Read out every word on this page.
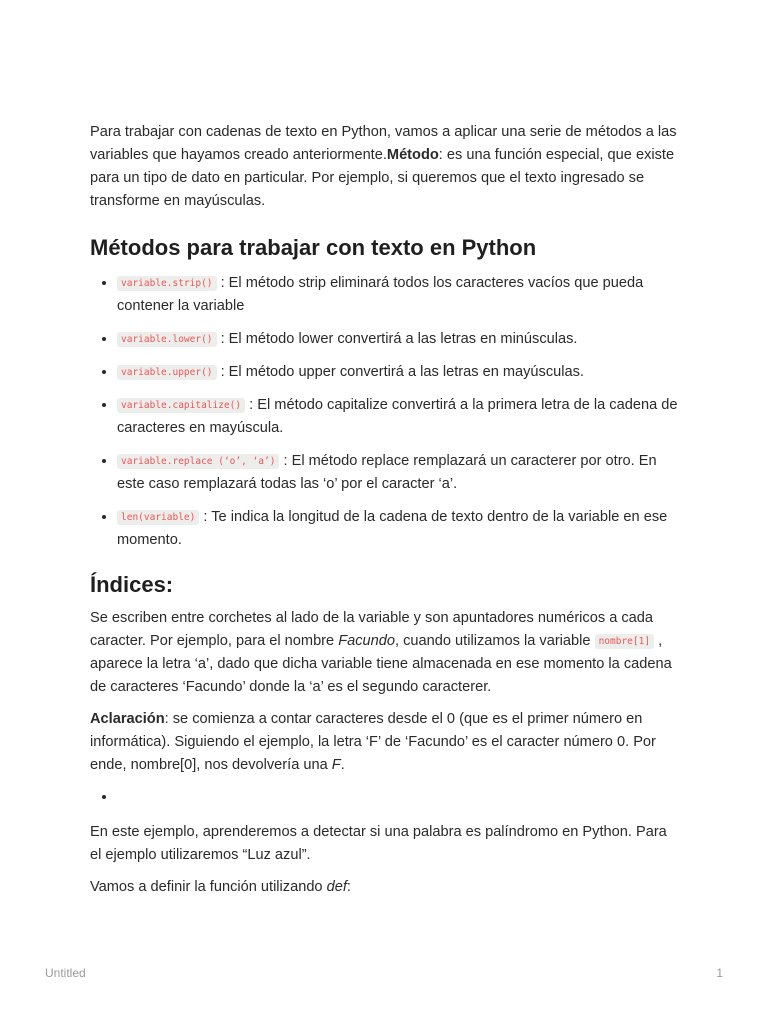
Para trabajar con cadenas de texto en Python, vamos a aplicar una serie de métodos a las variables que hayamos creado anteriormente.Método: es una función especial, que existe para un tipo de dato en particular. Por ejemplo, si queremos que el texto ingresado se transforme en mayúsculas.

Métodos para trabajar con texto en Python
• variable.strip() : El método strip eliminará todos los caracteres vacíos que pueda contener la variable
• variable.lower() : El método lower convertirá a las letras en minúsculas.
• variable.upper() : El método upper convertirá a las letras en mayúsculas.
• variable.capitalize() : El método capitalize convertirá a la primera letra de la cadena de caracteres en mayúscula.
• variable.replace (‘o’, ‘a’) : El método replace remplazará un caracterer por otro. En este caso remplazará todas las ‘o’ por el caracter ‘a’.
• len(variable) : Te indica la longitud de la cadena de texto dentro de la variable en ese momento.
Índices:

Se escriben entre corchetes al lado de la variable y son apuntadores numéricos a cada caracter. Por ejemplo, para el nombre Facundo, cuando utilizamos la variable nombre[1] , aparece la letra ‘a’, dado que dicha variable tiene almacenada en ese momento la cadena de caracteres ‘Facundo’ donde la ‘a’ es el segundo caracterer.

Aclaración: se comienza a contar caracteres desde el 0 (que es el primer número en informática). Siguiendo el ejemplo, la letra ‘F’ de ‘Facundo’ es el caracter número 0. Por ende, nombre[0], nos devolvería una F.

•

En este ejemplo, aprenderemos a detectar si una palabra es palíndromo en Python. Para el ejemplo utilizaremos “Luz azul”.

Vamos a definir la función utilizando def:

Untitled	1
